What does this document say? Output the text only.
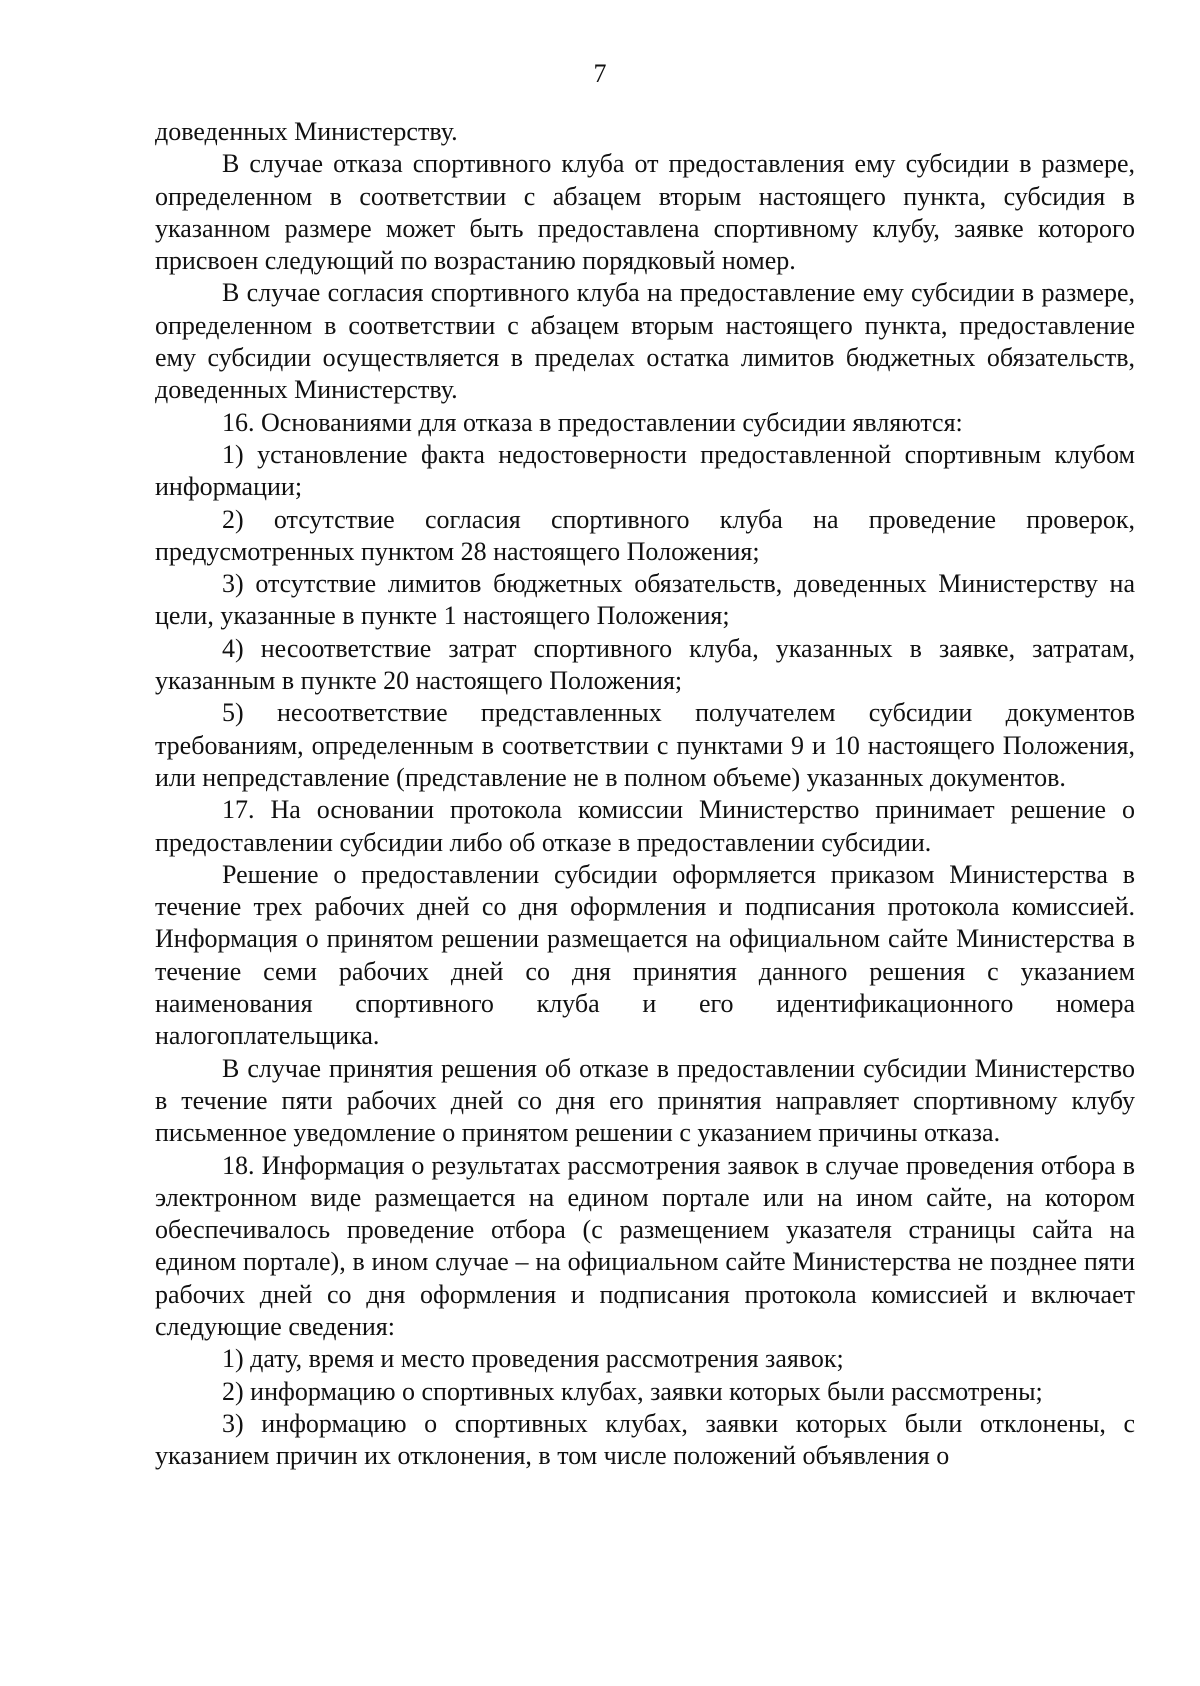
7

доведенных Министерству.

В случае отказа спортивного клуба от предоставления ему субсидии в размере, определенном в соответствии с абзацем вторым настоящего пункта, субсидия в указанном размере может быть предоставлена спортивному клубу, заявке которого присвоен следующий по возрастанию порядковый номер.

В случае согласия спортивного клуба на предоставление ему субсидии в размере, определенном в соответствии с абзацем вторым настоящего пункта, предоставление ему субсидии осуществляется в пределах остатка лимитов бюджетных обязательств, доведенных Министерству.

16. Основаниями для отказа в предоставлении субсидии являются:

1) установление факта недостоверности предоставленной спортивным клубом информации;

2) отсутствие согласия спортивного клуба на проведение проверок, предусмотренных пунктом 28 настоящего Положения;

3) отсутствие лимитов бюджетных обязательств, доведенных Министерству на цели, указанные в пункте 1 настоящего Положения;

4) несоответствие затрат спортивного клуба, указанных в заявке, затратам, указанным в пункте 20 настоящего Положения;

5) несоответствие представленных получателем субсидии документов требованиям, определенным в соответствии с пунктами 9 и 10 настоящего Положения, или непредставление (представление не в полном объеме) указанных документов.

17. На основании протокола комиссии Министерство принимает решение о предоставлении субсидии либо об отказе в предоставлении субсидии.

Решение о предоставлении субсидии оформляется приказом Министерства в течение трех рабочих дней со дня оформления и подписания протокола комиссией. Информация о принятом решении размещается на официальном сайте Министерства в течение семи рабочих дней со дня принятия данного решения с указанием наименования спортивного клуба и его идентификационного номера налогоплательщика.

В случае принятия решения об отказе в предоставлении субсидии Министерство в течение пяти рабочих дней со дня его принятия направляет спортивному клубу письменное уведомление о принятом решении с указанием причины отказа.

18. Информация о результатах рассмотрения заявок в случае проведения отбора в электронном виде размещается на едином портале или на ином сайте, на котором обеспечивалось проведение отбора (с размещением указателя страницы сайта на едином портале), в ином случае – на официальном сайте Министерства не позднее пяти рабочих дней со дня оформления и подписания протокола комиссией и включает следующие сведения:

1) дату, время и место проведения рассмотрения заявок;

2) информацию о спортивных клубах, заявки которых были рассмотрены;

3) информацию о спортивных клубах, заявки которых были отклонены, с указанием причин их отклонения, в том числе положений объявления о
